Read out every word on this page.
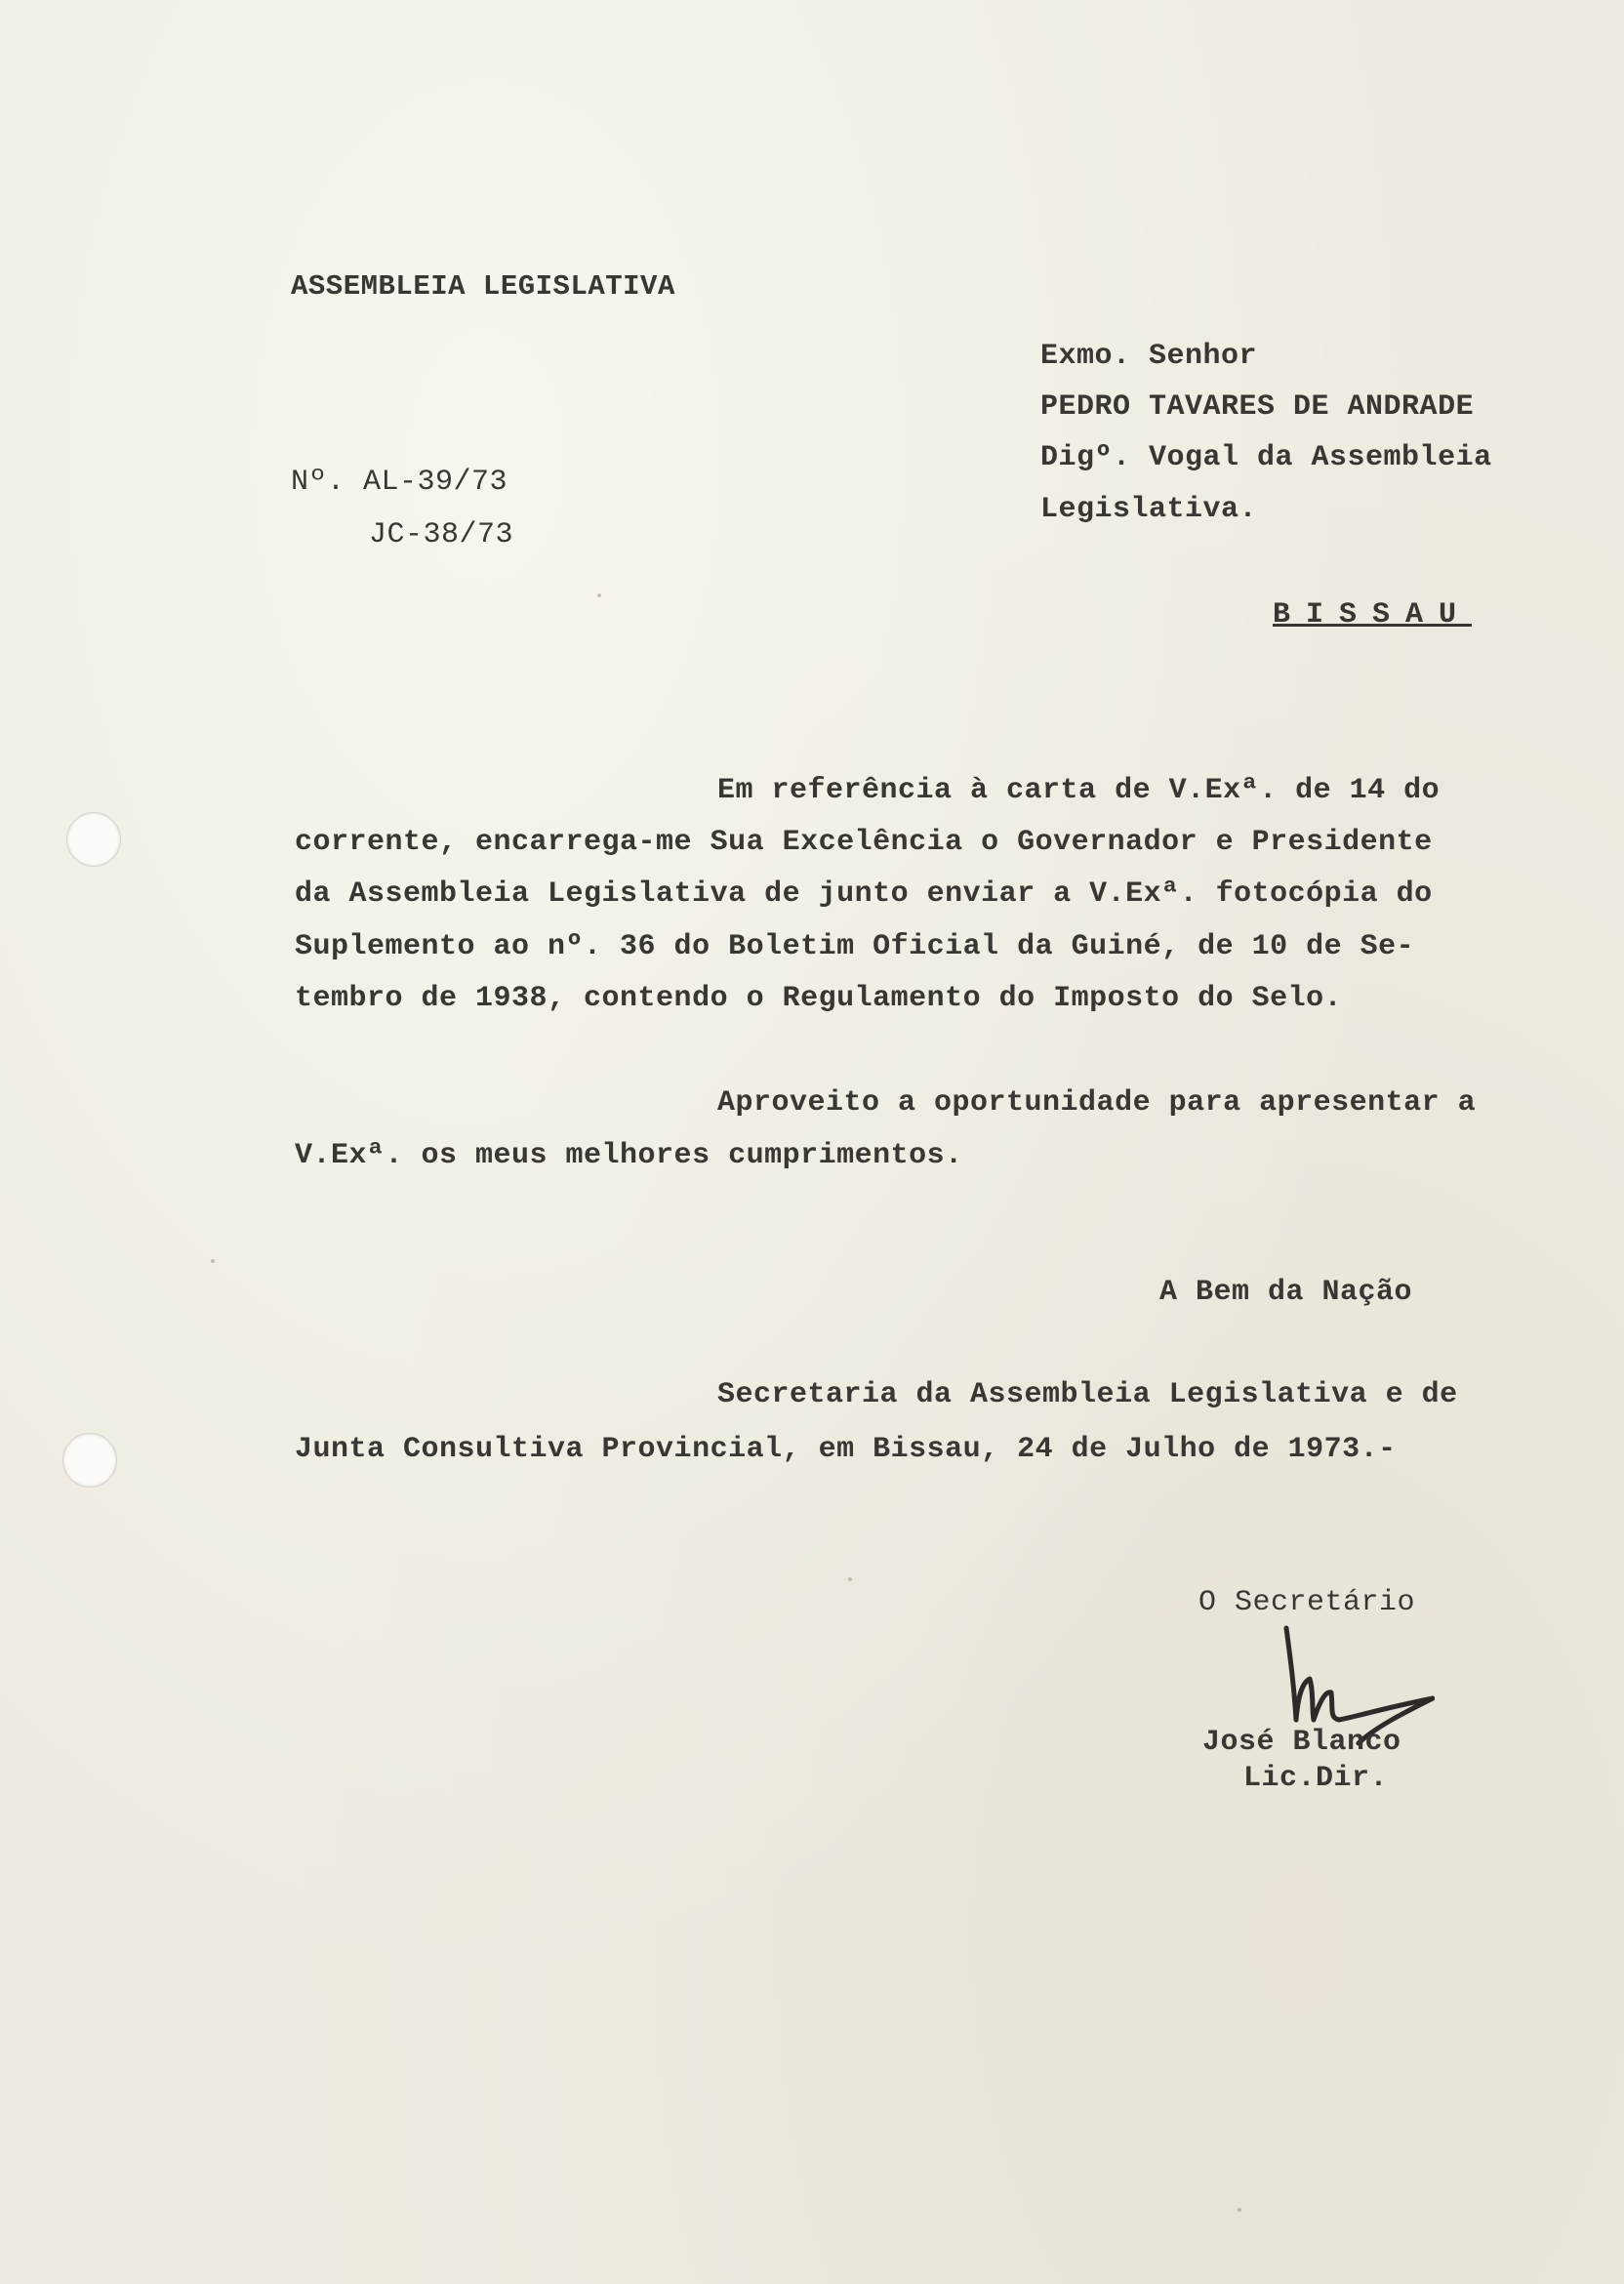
ASSEMBLEIA LEGISLATIVA
Nº. AL-39/73
JC-38/73
Exmo. Senhor
PEDRO TAVARES DE ANDRADE
Digº. Vogal da Assembleia
Legislativa.
BISSAU
Em referência à carta de V.Exª. de 14 do
corrente, encarrega-me Sua Excelência o Governador e Presidente
da Assembleia Legislativa de junto enviar a V.Exª. fotocópia do
Suplemento ao nº. 36 do Boletim Oficial da Guiné, de 10 de Se-
tembro de 1938, contendo o Regulamento do Imposto do Selo.
Aproveito a oportunidade para apresentar a
V.Exª. os meus melhores cumprimentos.
A Bem da Nação
Secretaria da Assembleia Legislativa e de
Junta Consultiva Provincial, em Bissau, 24 de Julho de 1973.-
O Secretário
José Blanco
Lic.Dir.
